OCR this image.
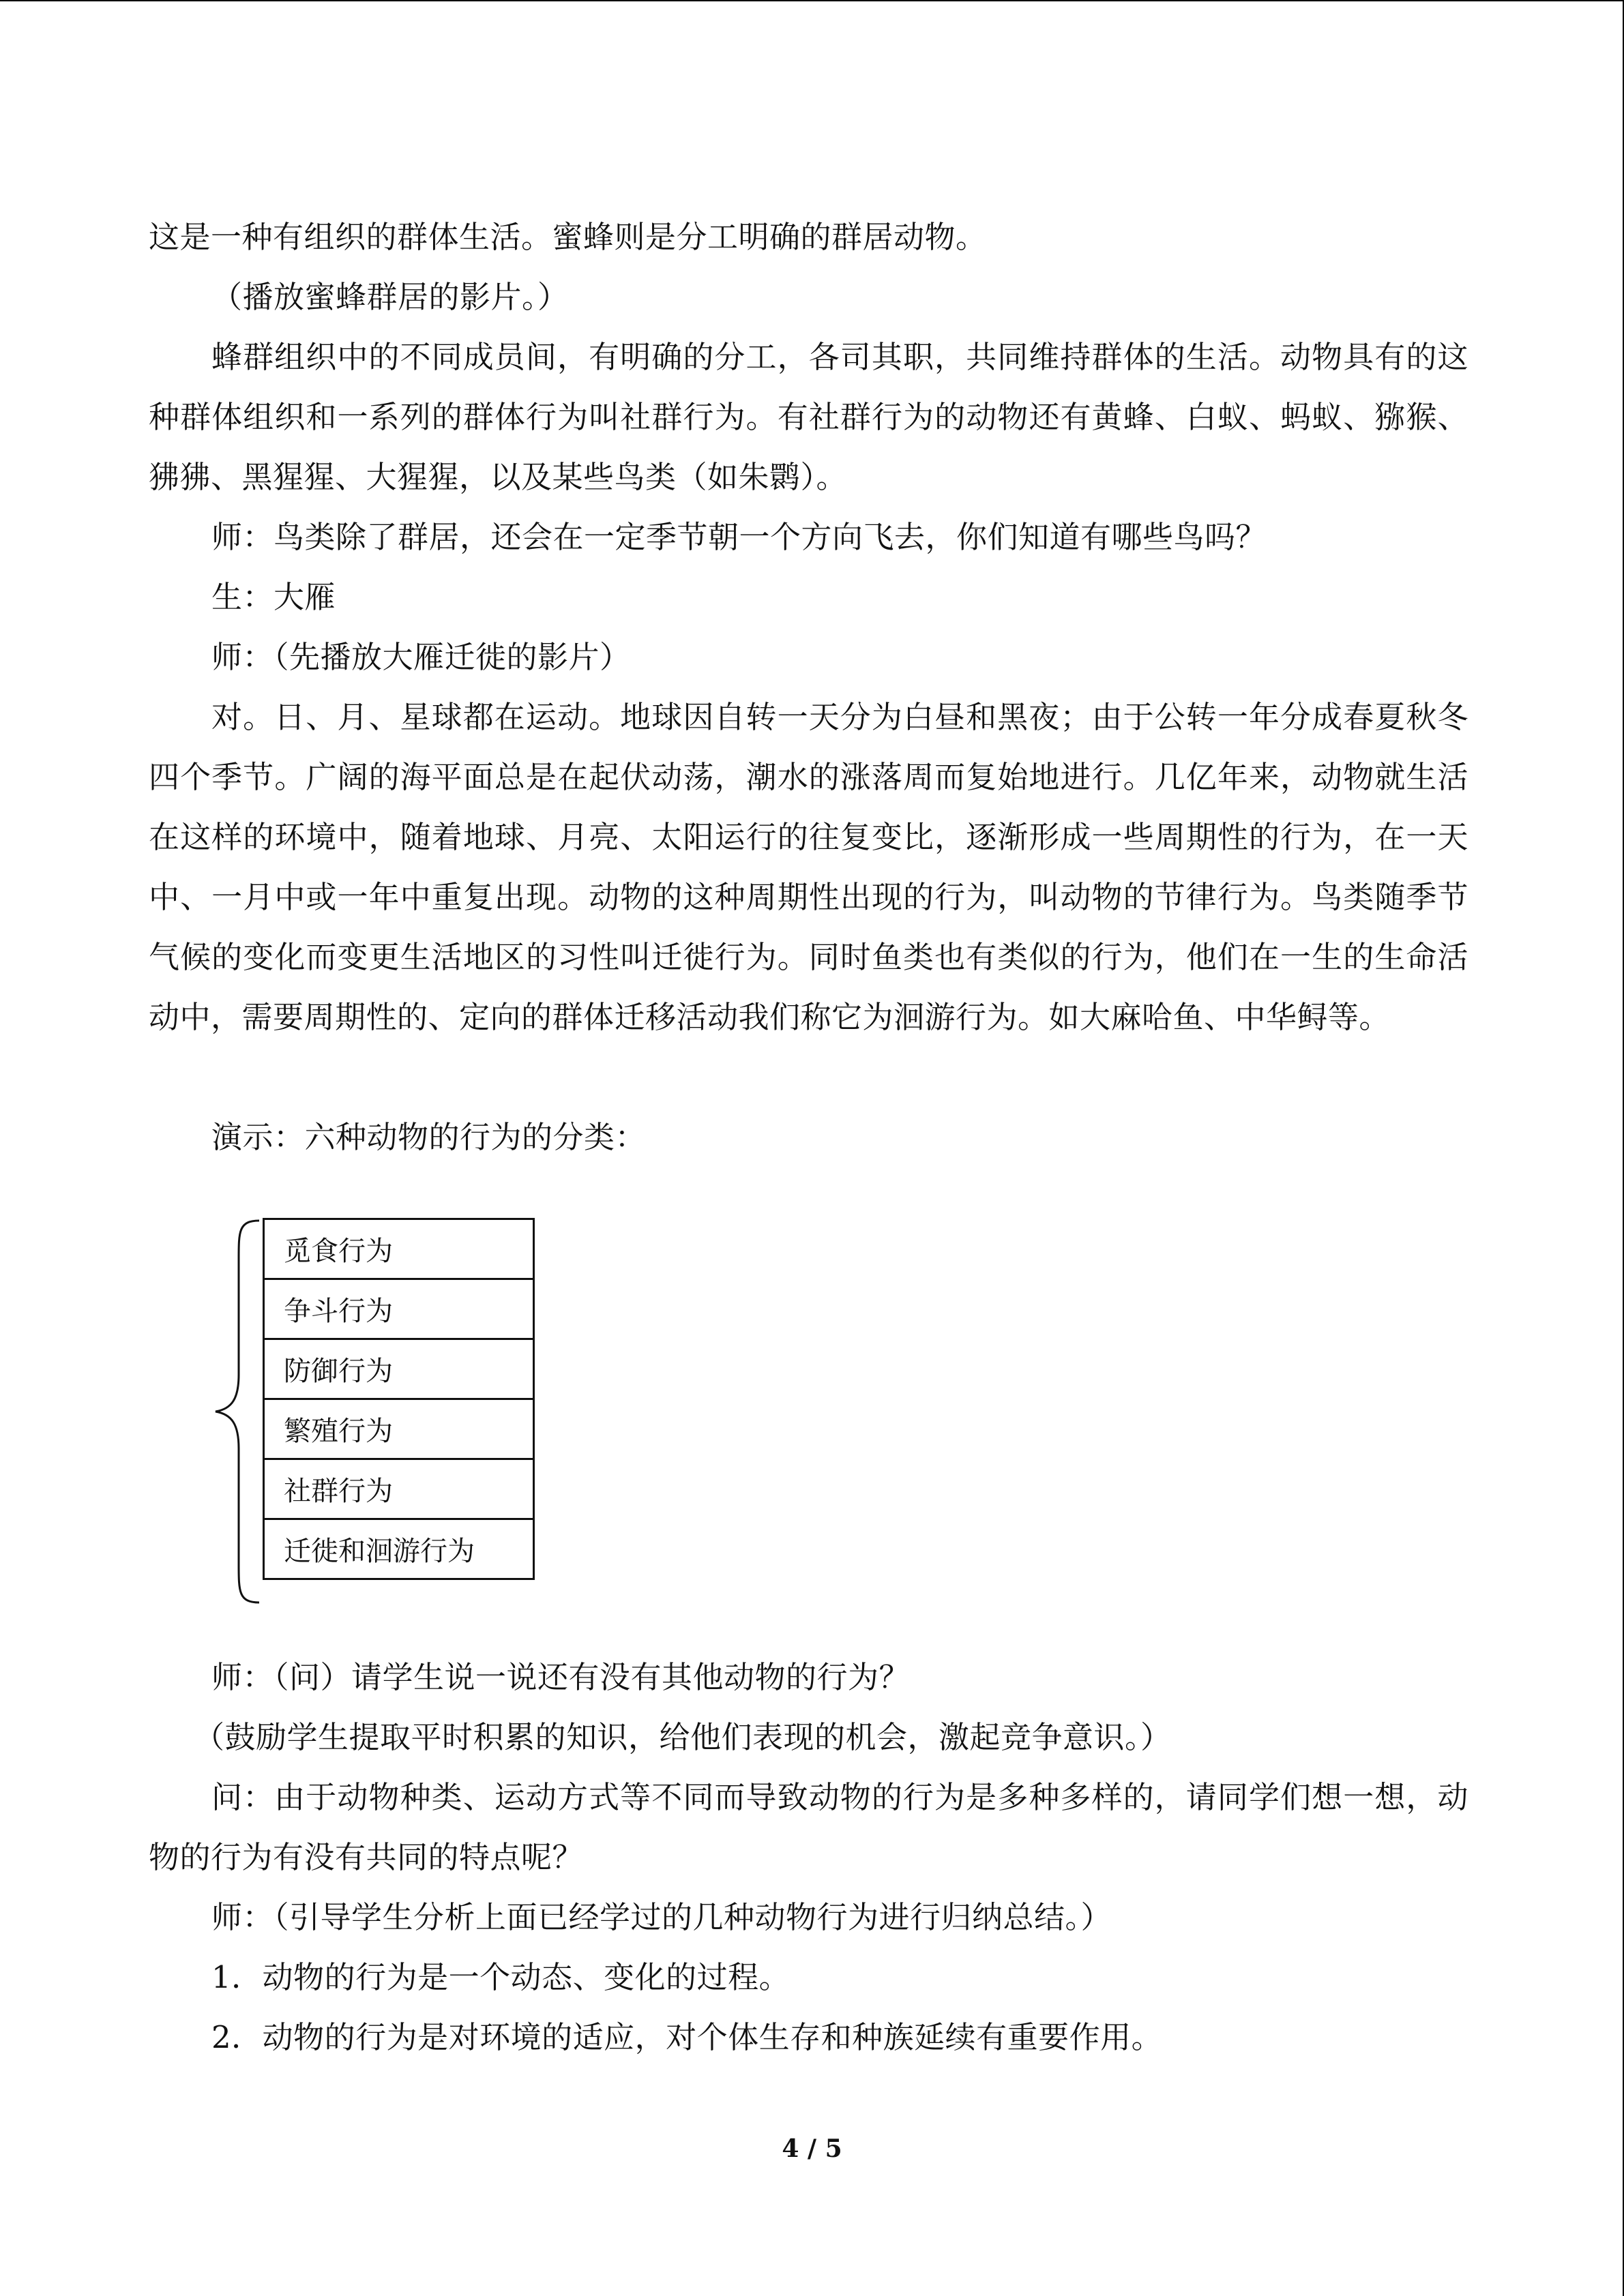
这是一种有组织的群体生活。蜜蜂则是分工明确的群居动物。

（播放蜜蜂群居的影片。）

蜂群组织中的不同成员间，有明确的分工，各司其职，共同维持群体的生活。动物具有的这种群体组织和一系列的群体行为叫社群行为。有社群行为的动物还有黄蜂、白蚁、蚂蚁、猕猴、狒狒、黑猩猩、大猩猩，以及某些鸟类（如朱鹮）。

师：鸟类除了群居，还会在一定季节朝一个方向飞去，你们知道有哪些鸟吗？

生：大雁

师：（先播放大雁迁徙的影片）

对。日、月、星球都在运动。地球因自转一天分为白昼和黑夜；由于公转一年分成春夏秋冬四个季节。广阔的海平面总是在起伏动荡，潮水的涨落周而复始地进行。几亿年来，动物就生活在这样的环境中，随着地球、月亮、太阳运行的往复变比，逐渐形成一些周期性的行为，在一天中、一月中或一年中重复出现。动物的这种周期性出现的行为，叫动物的节律行为。鸟类随季节气候的变化而变更生活地区的习性叫迁徙行为。同时鱼类也有类似的行为，他们在一生的生命活动中，需要周期性的、定向的群体迁移活动我们称它为洄游行为。如大麻哈鱼、中华鲟等。

演示：六种动物的行为的分类：

觅食行为
争斗行为
防御行为
繁殖行为
社群行为
迁徙和洄游行为

师：（问）请学生说一说还有没有其他动物的行为？

（鼓励学生提取平时积累的知识，给他们表现的机会，激起竞争意识。）

问：由于动物种类、运动方式等不同而导致动物的行为是多种多样的，请同学们想一想，动物的行为有没有共同的特点呢？

师：（引导学生分析上面已经学过的几种动物行为进行归纳总结。）

1．动物的行为是一个动态、变化的过程。

2．动物的行为是对环境的适应，对个体生存和种族延续有重要作用。

4 / 5
